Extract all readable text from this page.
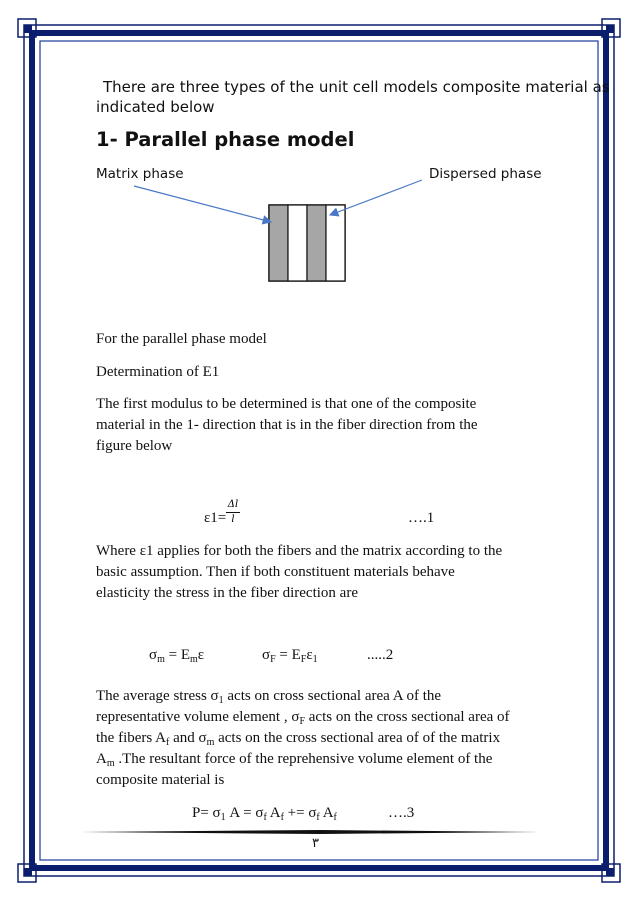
There are three types of the unit cell models composite material as
indicated below
1- Parallel phase model
Matrix phase	Dispersed phase
For the parallel phase model
Determination of E1
The first modulus to be determined is that one of the composite
material in the 1- direction that is in the fiber direction from the
figure below
ε1=
Δl
l	….1
Where ε1 applies for both the fibers and the matrix according to the
basic assumption. Then if both constituent materials behave
elasticity the stress in the fiber direction are
$\sigma_m = E_m\varepsilon$	$\sigma_F = E_F\varepsilon_1$	.....2
The average stress $\sigma_1$ acts on cross sectional area A of the
representative volume element , $\sigma_F$ acts on the cross sectional area of
the fibers $A_f$ and $\sigma_m$ acts on the cross sectional area of of the matrix
$A_m$ .The resultant force of the reprehensive volume element of the
composite material is
$P= \sigma_1$ $A = \sigma_f$ $A_f += \sigma_f$ $A_f$	….3
٣
